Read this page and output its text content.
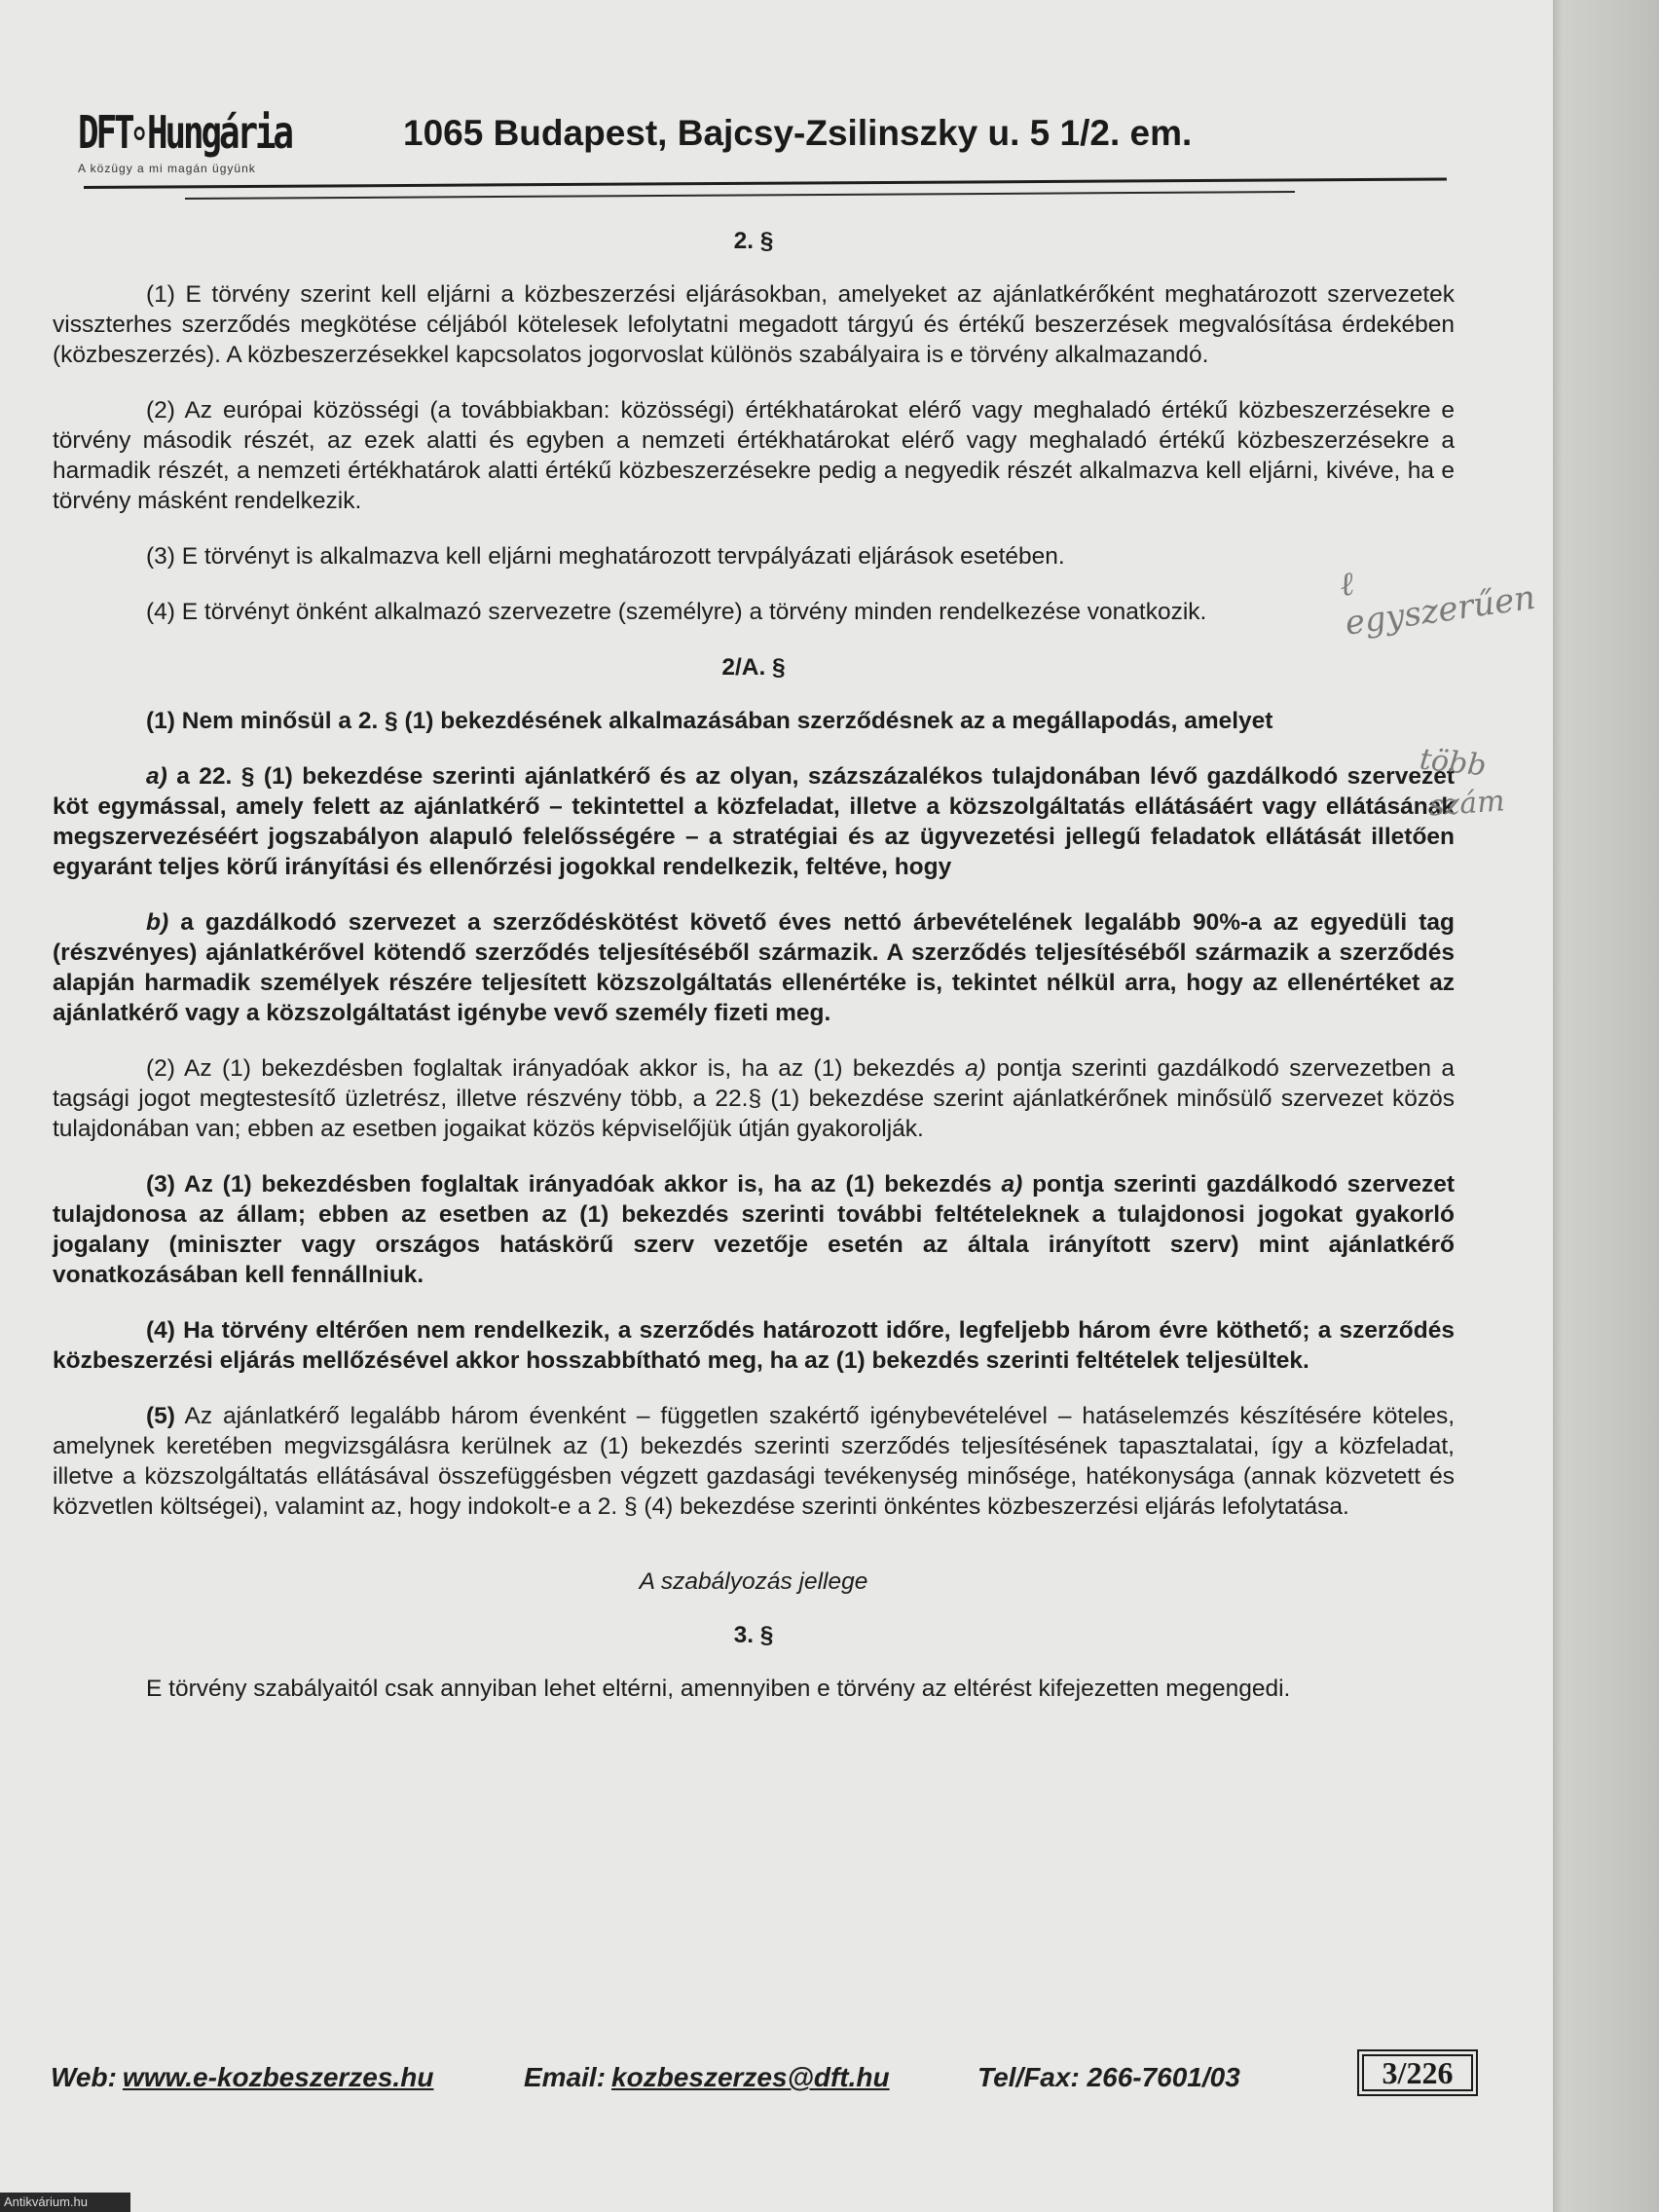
DFT Hungária
A közügy a mi magán ügyünk
1065 Budapest, Bajcsy-Zsilinszky u. 5 1/2. em.
2. §

(1) E törvény szerint kell eljárni a közbeszerzési eljárásokban, amelyeket az ajánlatkérőként meghatározott szervezetek visszterhes szerződés megkötése céljából kötelesek lefolytatni megadott tárgyú és értékű beszerzések megvalósítása érdekében (közbeszerzés). A közbeszerzésekkel kapcsolatos jogorvoslat különös szabályaira is e törvény alkalmazandó.

(2) Az európai közösségi (a továbbiakban: közösségi) értékhatárokat elérő vagy meghaladó értékű közbeszerzésekre e törvény második részét, az ezek alatti és egyben a nemzeti értékhatárokat elérő vagy meghaladó értékű közbeszerzésekre a harmadik részét, a nemzeti értékhatárok alatti értékű közbeszerzésekre pedig a negyedik részét alkalmazva kell eljárni, kivéve, ha e törvény másként rendelkezik.

(3) E törvényt is alkalmazva kell eljárni meghatározott tervpályázati eljárások esetében.

(4) E törvényt önként alkalmazó szervezetre (személyre) a törvény minden rendelkezése vonatkozik.

2/A. §

(1) Nem minősül a 2. § (1) bekezdésének alkalmazásában szerződésnek az a megállapodás, amelyet

a) a 22. § (1) bekezdése szerinti ajánlatkérő és az olyan, százszázalékos tulajdonában lévő gazdálkodó szervezet köt egymással, amely felett az ajánlatkérő – tekintettel a közfeladat, illetve a közszolgáltatás ellátásáért vagy ellátásának megszervezéséért jogszabályon alapuló felelősségére – a stratégiai és az ügyvezetési jellegű feladatok ellátását illetően egyaránt teljes körű irányítási és ellenőrzési jogokkal rendelkezik, feltéve, hogy

b) a gazdálkodó szervezet a szerződéskötést követő éves nettó árbevételének legalább 90%-a az egyedüli tag (részvényes) ajánlatkérővel kötendő szerződés teljesítéséből származik. A szerződés teljesítéséből származik a szerződés alapján harmadik személyek részére teljesített közszolgáltatás ellenértéke is, tekintet nélkül arra, hogy az ellenértéket az ajánlatkérő vagy a közszolgáltatást igénybe vevő személy fizeti meg.

(2) Az (1) bekezdésben foglaltak irányadóak akkor is, ha az (1) bekezdés a) pontja szerinti gazdálkodó szervezetben a tagsági jogot megtestesítő üzletrész, illetve részvény több, a 22.§ (1) bekezdése szerint ajánlatkérőnek minősülő szervezet közös tulajdonában van; ebben az esetben jogaikat közös képviselőjük útján gyakorolják.

(3) Az (1) bekezdésben foglaltak irányadóak akkor is, ha az (1) bekezdés a) pontja szerinti gazdálkodó szervezet tulajdonosa az állam; ebben az esetben az (1) bekezdés szerinti további feltételeknek a tulajdonosi jogokat gyakorló jogalany (miniszter vagy országos hatáskörű szerv vezetője esetén az általa irányított szerv) mint ajánlatkérő vonatkozásában kell fennállniuk.

(4) Ha törvény eltérően nem rendelkezik, a szerződés határozott időre, legfeljebb három évre köthető; a szerződés közbeszerzési eljárás mellőzésével akkor hosszabbítható meg, ha az (1) bekezdés szerinti feltételek teljesültek.

(5) Az ajánlatkérő legalább három évenként – független szakértő igénybevételével – hatáselemzés készítésére köteles, amelynek keretében megvizsgálásra kerülnek az (1) bekezdés szerinti szerződés teljesítésének tapasztalatai, így a közfeladat, illetve a közszolgáltatás ellátásával összefüggésben végzett gazdasági tevékenység minősége, hatékonysága (annak közvetett és közvetlen költségei), valamint az, hogy indokolt-e a 2. § (4) bekezdése szerinti önkéntes közbeszerzési eljárás lefolytatása.

A szabályozás jellege
3. §

E törvény szabályaitól csak annyiban lehet eltérni, amennyiben e törvény az eltérést kifejezetten megengedi.

ℓ egyszerűen
több
szám
Web: www.e-kozbeszerzes.hu	Email: kozbeszerzes@dft.hu	Tel/Fax: 266-7601/03	3/226
Antikvárium.hu
